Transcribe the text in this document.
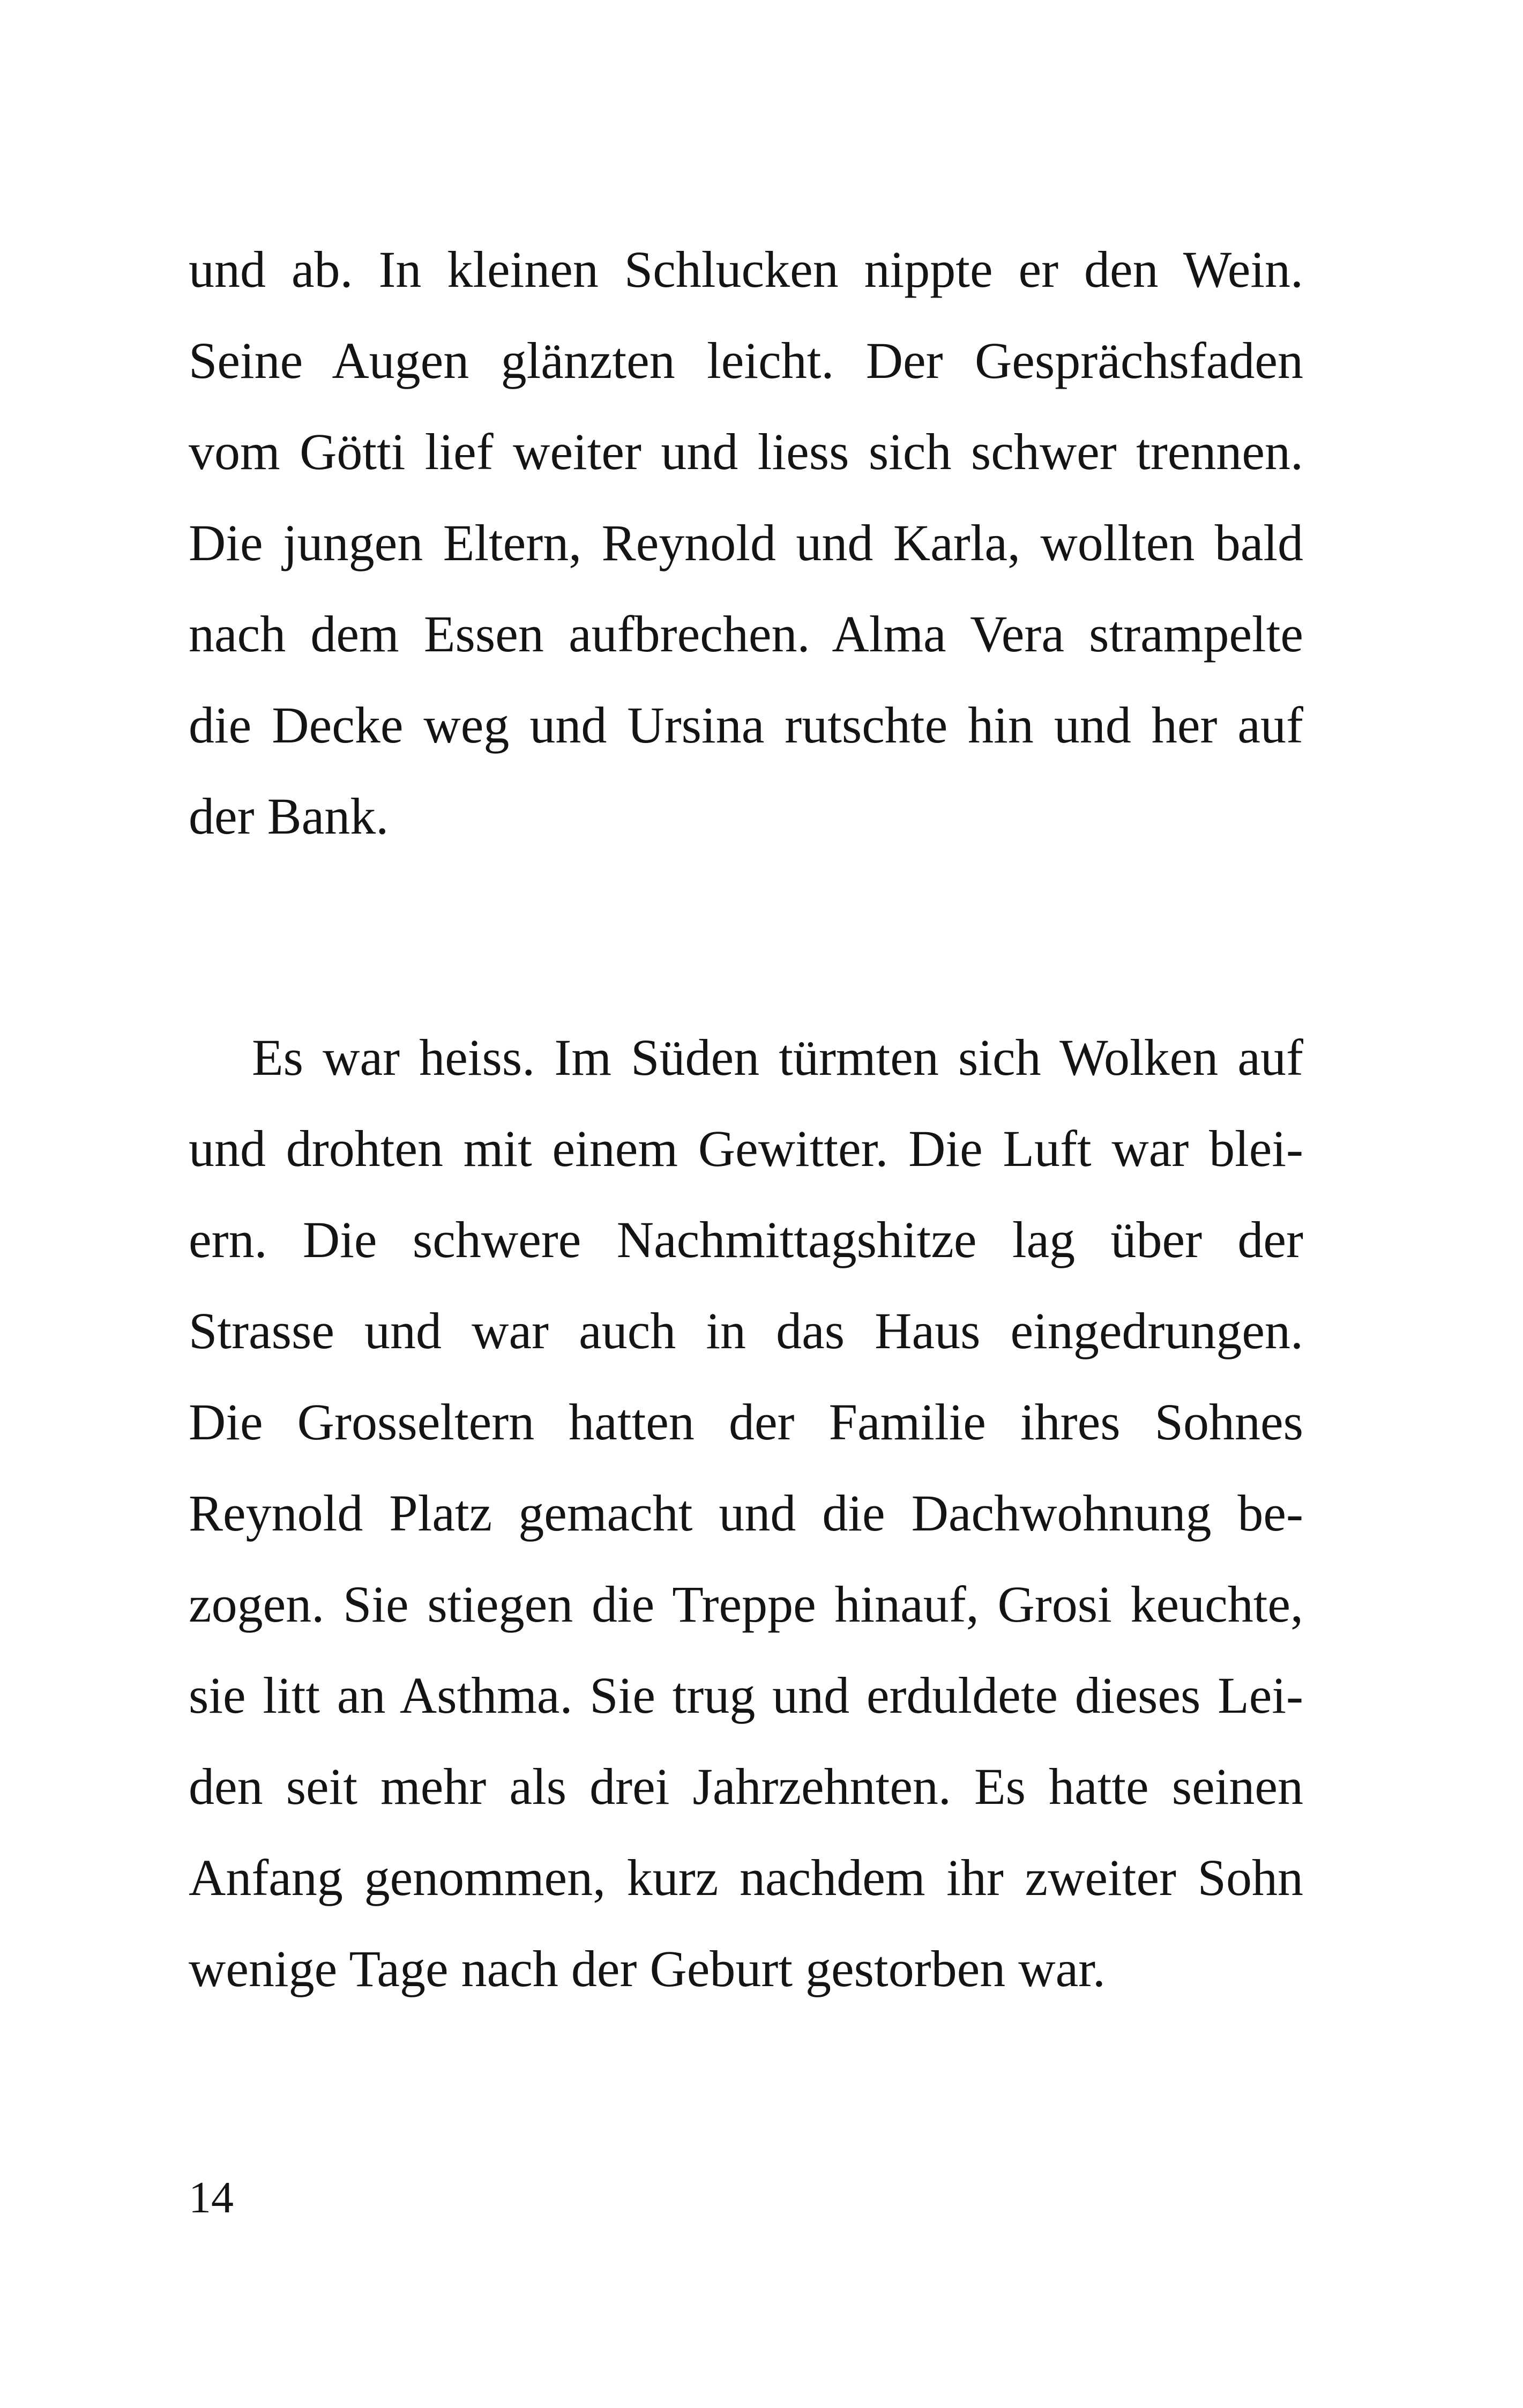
und ab. In kleinen Schlucken nippte er den Wein.
Seine Augen glänzten leicht. Der Gesprächsfaden
vom Götti lief weiter und liess sich schwer trennen.
Die jungen Eltern, Reynold und Karla, wollten bald
nach dem Essen aufbrechen. Alma Vera strampelte
die Decke weg und Ursina rutschte hin und her auf
der Bank.

Es war heiss. Im Süden türmten sich Wolken auf
und drohten mit einem Gewitter. Die Luft war blei-
ern. Die schwere Nachmittagshitze lag über der
Strasse und war auch in das Haus eingedrungen.
Die Grosseltern hatten der Familie ihres Sohnes
Reynold Platz gemacht und die Dachwohnung be-
zogen. Sie stiegen die Treppe hinauf, Grosi keuchte,
sie litt an Asthma. Sie trug und erduldete dieses Lei-
den seit mehr als drei Jahrzehnten. Es hatte seinen
Anfang genommen, kurz nachdem ihr zweiter Sohn
wenige Tage nach der Geburt gestorben war.

14
